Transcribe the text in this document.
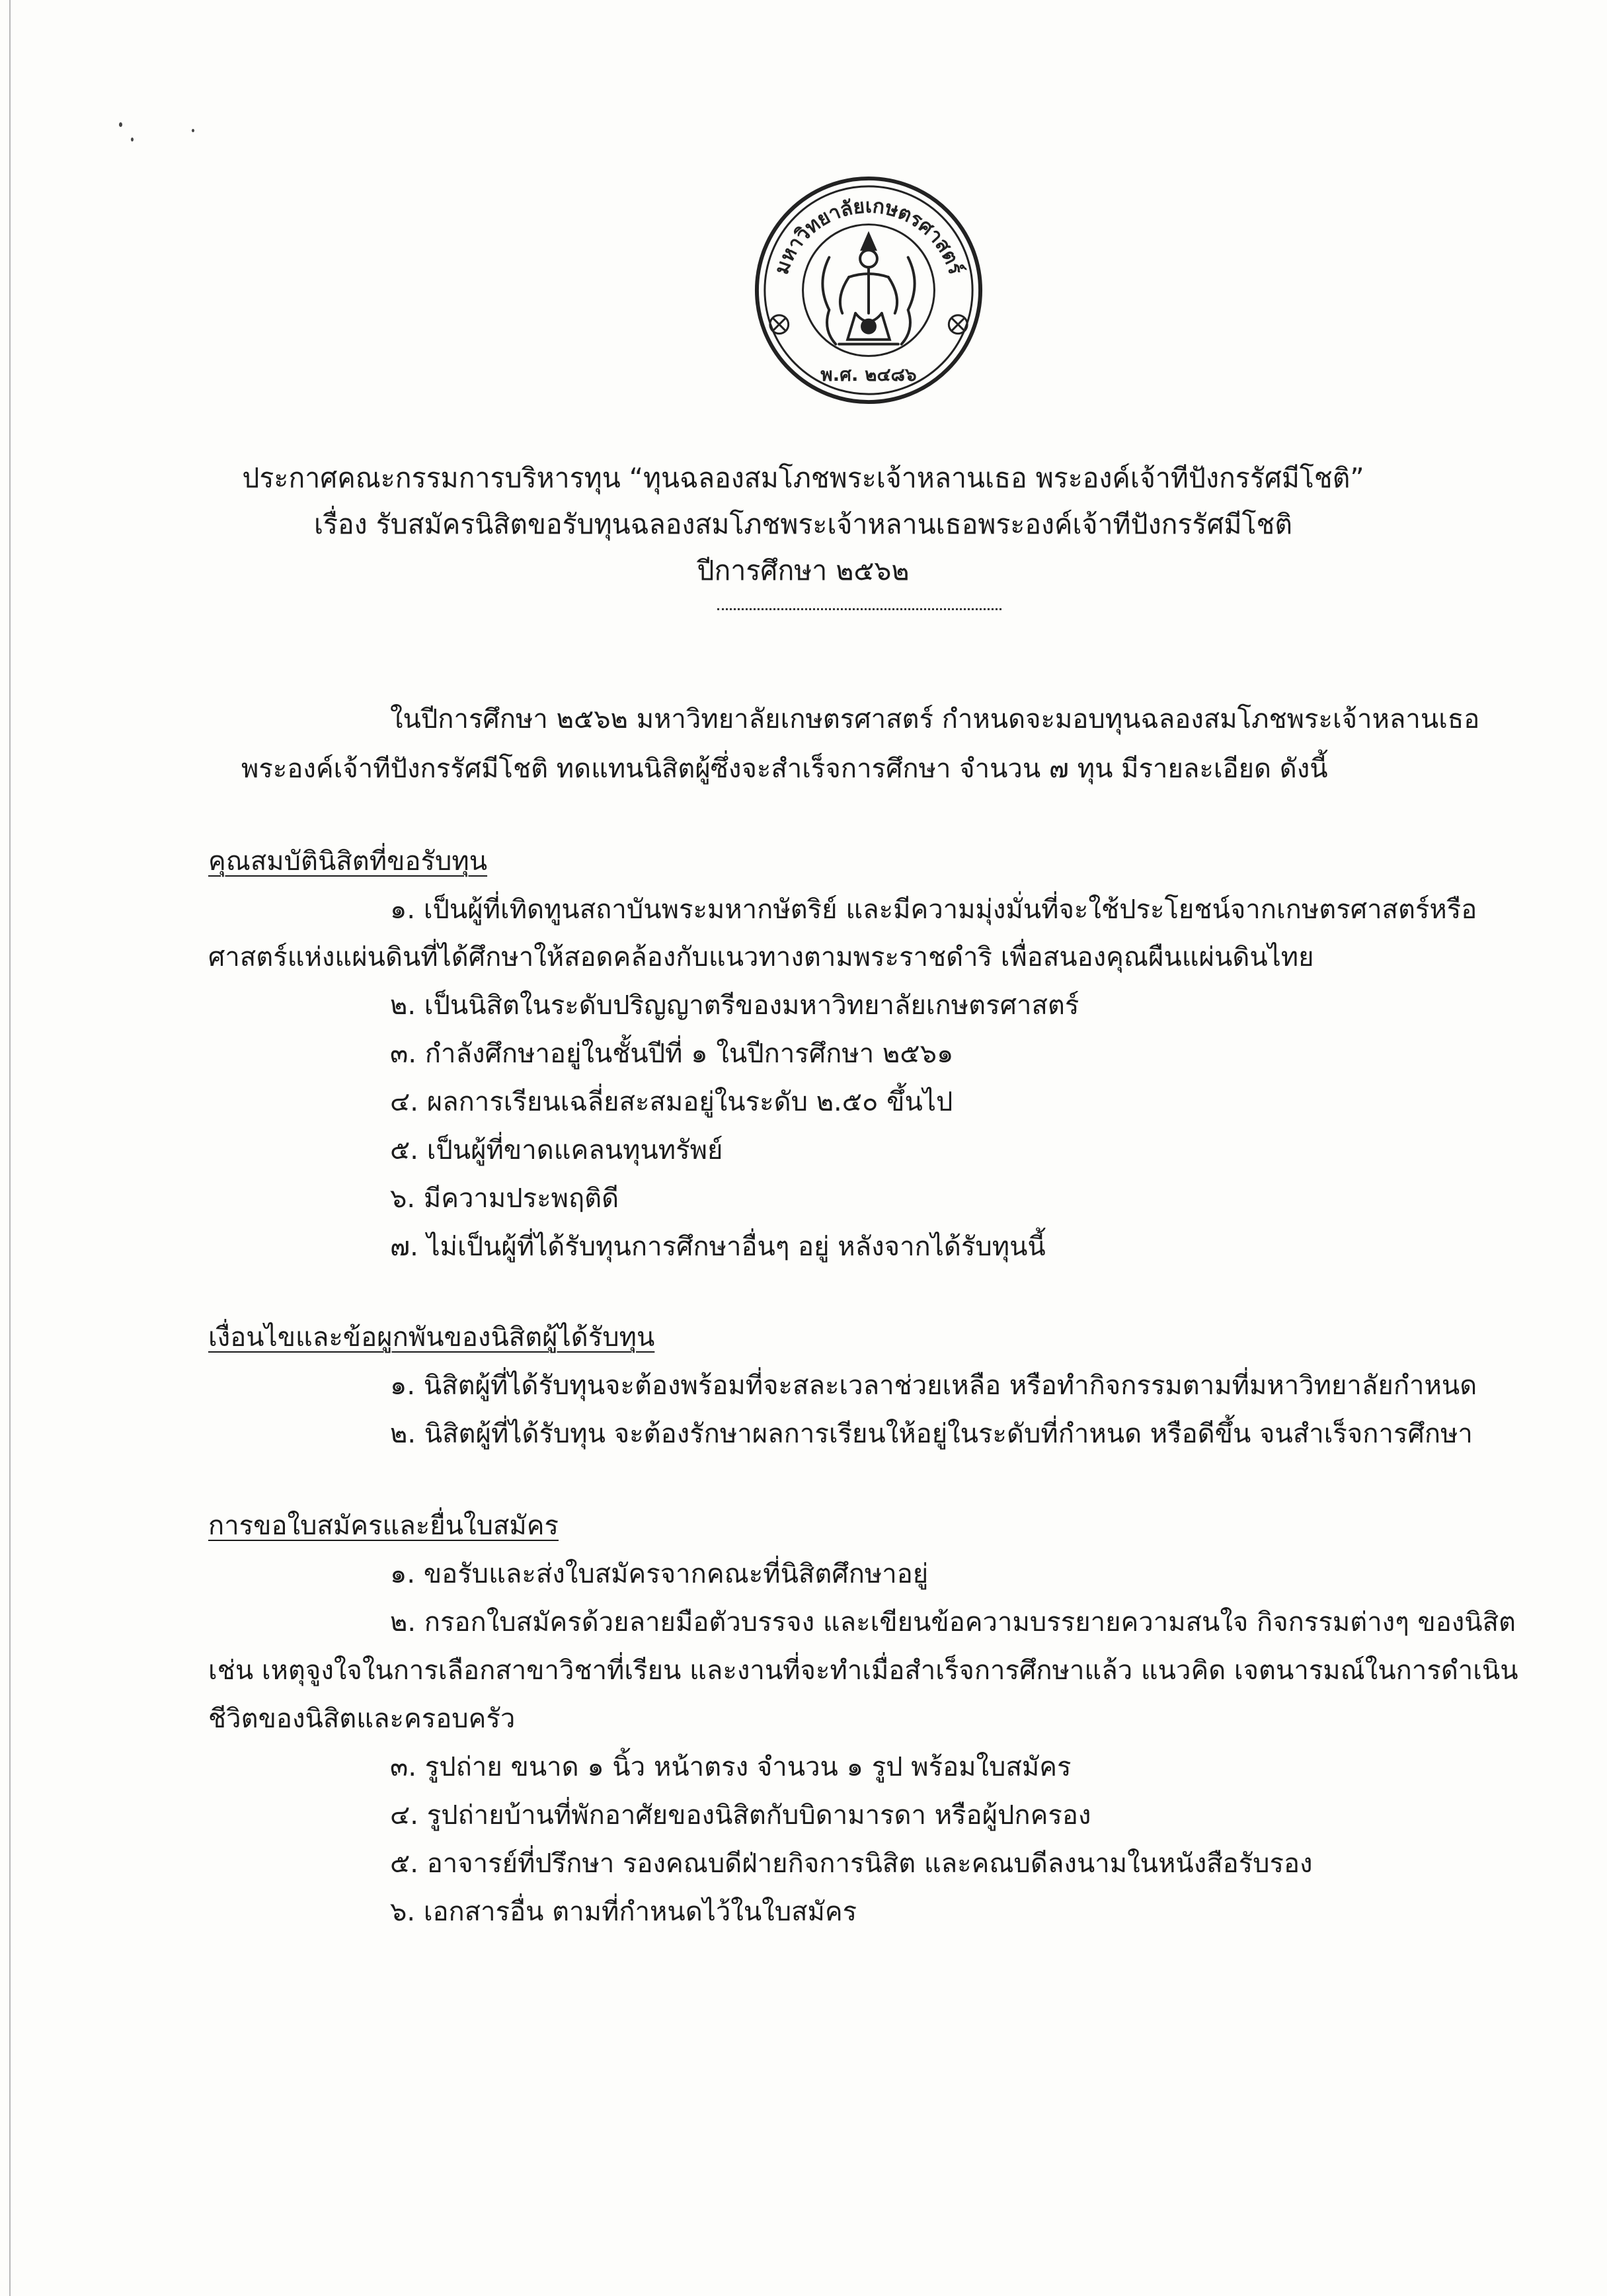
มหาวิทยาลัยเกษตรศาสตร์
พ.ศ. ๒๔๘๖
ประกาศคณะกรรมการบริหารทุน “ทุนฉลองสมโภชพระเจ้าหลานเธอ พระองค์เจ้าทีปังกรรัศมีโชติ”
เรื่อง รับสมัครนิสิตขอรับทุนฉลองสมโภชพระเจ้าหลานเธอพระองค์เจ้าทีปังกรรัศมีโชติ
ปีการศึกษา ๒๕๖๒
ในปีการศึกษา ๒๕๖๒ มหาวิทยาลัยเกษตรศาสตร์ กำหนดจะมอบทุนฉลองสมโภชพระเจ้าหลานเธอ
พระองค์เจ้าทีปังกรรัศมีโชติ ทดแทนนิสิตผู้ซึ่งจะสำเร็จการศึกษา จำนวน ๗ ทุน มีรายละเอียด ดังนี้
คุณสมบัตินิสิตที่ขอรับทุน
๑. เป็นผู้ที่เทิดทูนสถาบันพระมหากษัตริย์ และมีความมุ่งมั่นที่จะใช้ประโยชน์จากเกษตรศาสตร์หรือ
ศาสตร์แห่งแผ่นดินที่ได้ศึกษาให้สอดคล้องกับแนวทางตามพระราชดำริ เพื่อสนองคุณผืนแผ่นดินไทย
๒. เป็นนิสิตในระดับปริญญาตรีของมหาวิทยาลัยเกษตรศาสตร์
๓. กำลังศึกษาอยู่ในชั้นปีที่ ๑ ในปีการศึกษา ๒๕๖๑
๔. ผลการเรียนเฉลี่ยสะสมอยู่ในระดับ ๒.๕๐ ขึ้นไป
๕. เป็นผู้ที่ขาดแคลนทุนทรัพย์
๖. มีความประพฤติดี
๗. ไม่เป็นผู้ที่ได้รับทุนการศึกษาอื่นๆ อยู่ หลังจากได้รับทุนนี้
เงื่อนไขและข้อผูกพันของนิสิตผู้ได้รับทุน
๑. นิสิตผู้ที่ได้รับทุนจะต้องพร้อมที่จะสละเวลาช่วยเหลือ หรือทำกิจกรรมตามที่มหาวิทยาลัยกำหนด
๒. นิสิตผู้ที่ได้รับทุน จะต้องรักษาผลการเรียนให้อยู่ในระดับที่กำหนด หรือดีขึ้น จนสำเร็จการศึกษา
การขอใบสมัครและยื่นใบสมัคร
๑. ขอรับและส่งใบสมัครจากคณะที่นิสิตศึกษาอยู่
๒. กรอกใบสมัครด้วยลายมือตัวบรรจง และเขียนข้อความบรรยายความสนใจ กิจกรรมต่างๆ ของนิสิต
เช่น เหตุจูงใจในการเลือกสาขาวิชาที่เรียน และงานที่จะทำเมื่อสำเร็จการศึกษาแล้ว แนวคิด เจตนารมณ์ในการดำเนิน
ชีวิตของนิสิตและครอบครัว
๓. รูปถ่าย ขนาด ๑ นิ้ว หน้าตรง จำนวน ๑ รูป พร้อมใบสมัคร
๔. รูปถ่ายบ้านที่พักอาศัยของนิสิตกับบิดามารดา หรือผู้ปกครอง
๕. อาจารย์ที่ปรึกษา รองคณบดีฝ่ายกิจการนิสิต และคณบดีลงนามในหนังสือรับรอง
๖. เอกสารอื่น ตามที่กำหนดไว้ในใบสมัคร
